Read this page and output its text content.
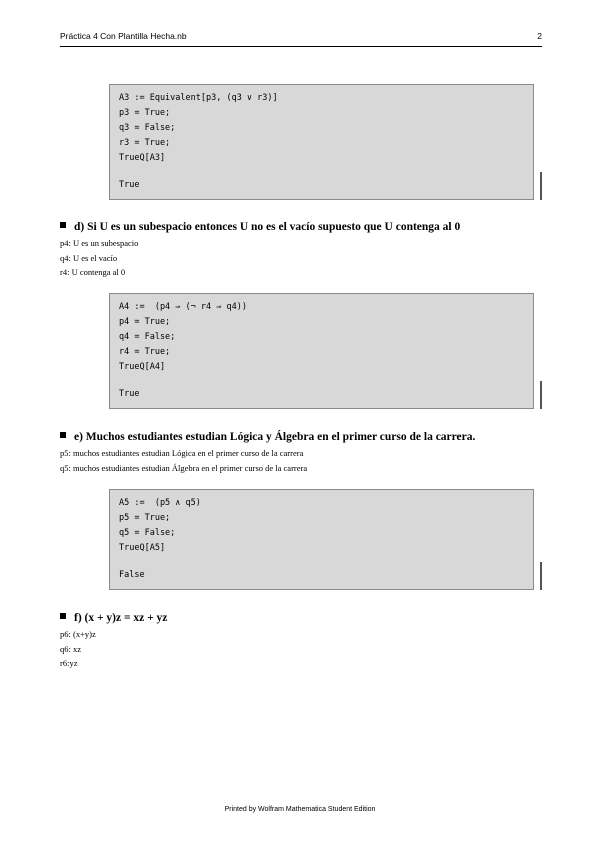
Práctica 4 Con Plantilla Hecha.nb	2
A3 := Equivalent[p3, (q3 ∨ r3)]
p3 = True;
q3 = False;
r3 = True;
TrueQ[A3]
True
d) Si U es un subespacio entonces U no es el vacío supuesto que U contenga al 0
p4: U es un subespacio
q4: U es el vacío
r4: U contenga al 0
A4 :=  (p4 ⇒ (¬ r4 ⇒ q4))
p4 = True;
q4 = False;
r4 = True;
TrueQ[A4]
True
e) Muchos estudiantes estudian Lógica y Álgebra en el primer curso de la carrera.
p5: muchos estudiantes estudian Lógica en el primer curso de la carrera
q5: muchos estudiantes estudian Álgebra en el primer curso de la carrera
A5 :=  (p5 ∧ q5)
p5 = True;
q5 = False;
TrueQ[A5]
False
f) (x + y)z = xz + yz
p6: (x+y)z
q6: xz
r6:yz
Printed by Wolfram Mathematica Student Edition
